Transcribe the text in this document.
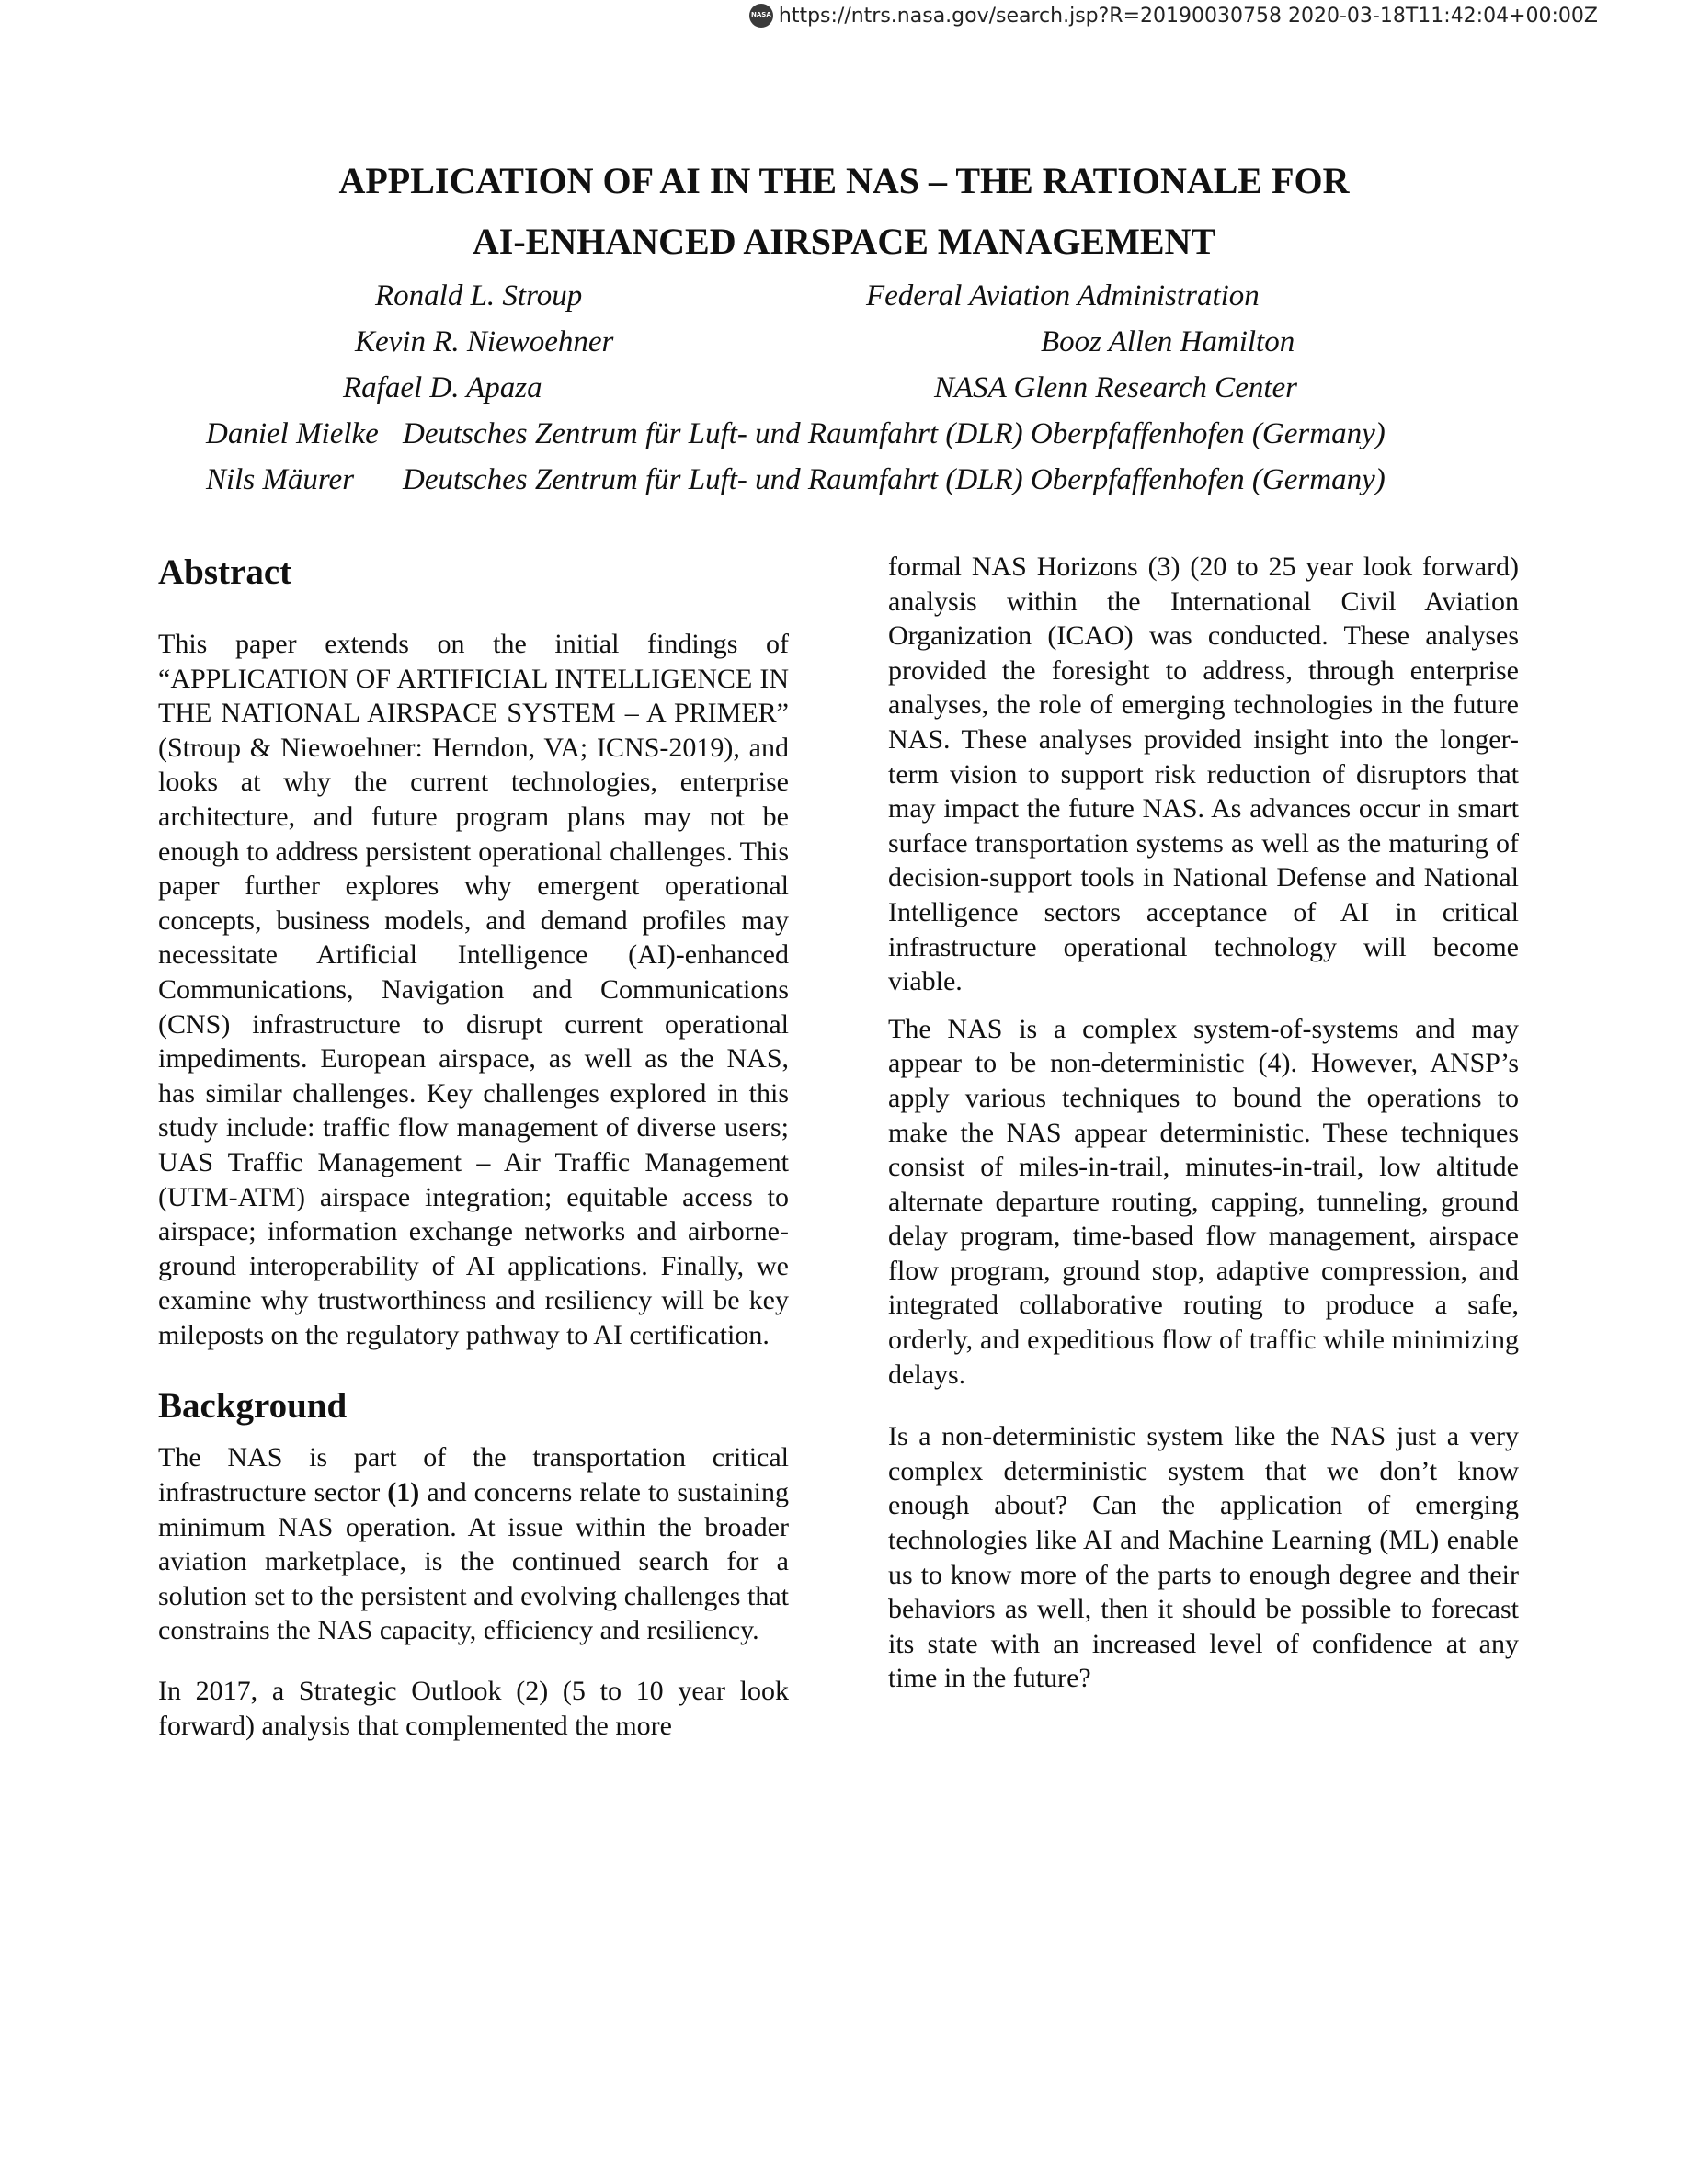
NASA
https://ntrs.nasa.gov/search.jsp?R=20190030758 2020-03-18T11:42:04+00:00Z
APPLICATION OF AI IN THE NAS – THE RATIONALE FOR
AI-ENHANCED AIRSPACE MANAGEMENT
Ronald L. Stroup	Federal Aviation Administration
Kevin R. Niewoehner	Booz Allen Hamilton
Rafael D. Apaza	NASA Glenn Research Center
Daniel Mielke Deutsches Zentrum für Luft- und Raumfahrt (DLR) Oberpfaffenhofen (Germany)
Nils Mäurer Deutsches Zentrum für Luft- und Raumfahrt (DLR) Oberpfaffenhofen (Germany)
Abstract

This paper extends on the initial findings of “APPLICATION OF ARTIFICIAL INTELLIGENCE IN THE NATIONAL AIRSPACE SYSTEM – A PRIMER” (Stroup & Niewoehner: Herndon, VA; ICNS-2019), and looks at why the current technologies, enterprise architecture, and future program plans may not be enough to address persistent operational challenges. This paper further explores why emergent operational concepts, business models, and demand profiles may necessitate Artificial Intelligence (AI)-enhanced Communications, Navigation and Communications (CNS) infrastructure to disrupt current operational impediments. European airspace, as well as the NAS, has similar challenges. Key challenges explored in this study include: traffic flow management of diverse users; UAS Traffic Management – Air Traffic Management (UTM-ATM) airspace integration; equitable access to airspace; information exchange networks and airborne-ground interoperability of AI applications. Finally, we examine why trustworthiness and resiliency will be key mileposts on the regulatory pathway to AI certification.

Background

The NAS is part of the transportation critical infrastructure sector (1) and concerns relate to sustaining minimum NAS operation. At issue within the broader aviation marketplace, is the continued search for a solution set to the persistent and evolving challenges that constrains the NAS capacity, efficiency and resiliency.

In 2017, a Strategic Outlook (2) (5 to 10 year look forward) analysis that complemented the more

formal NAS Horizons (3) (20 to 25 year look forward) analysis within the International Civil Aviation Organization (ICAO) was conducted. These analyses provided the foresight to address, through enterprise analyses, the role of emerging technologies in the future NAS. These analyses provided insight into the longer-term vision to support risk reduction of disruptors that may impact the future NAS. As advances occur in smart surface transportation systems as well as the maturing of decision-support tools in National Defense and National Intelligence sectors acceptance of AI in critical infrastructure operational technology will become viable.

The NAS is a complex system-of-systems and may appear to be non-deterministic (4). However, ANSP’s apply various techniques to bound the operations to make the NAS appear deterministic. These techniques consist of miles-in-trail, minutes-in-trail, low altitude alternate departure routing, capping, tunneling, ground delay program, time-based flow management, airspace flow program, ground stop, adaptive compression, and integrated collaborative routing to produce a safe, orderly, and expeditious flow of traffic while minimizing delays.

Is a non-deterministic system like the NAS just a very complex deterministic system that we don’t know enough about? Can the application of emerging technologies like AI and Machine Learning (ML) enable us to know more of the parts to enough degree and their behaviors as well, then it should be possible to forecast its state with an increased level of confidence at any time in the future?
